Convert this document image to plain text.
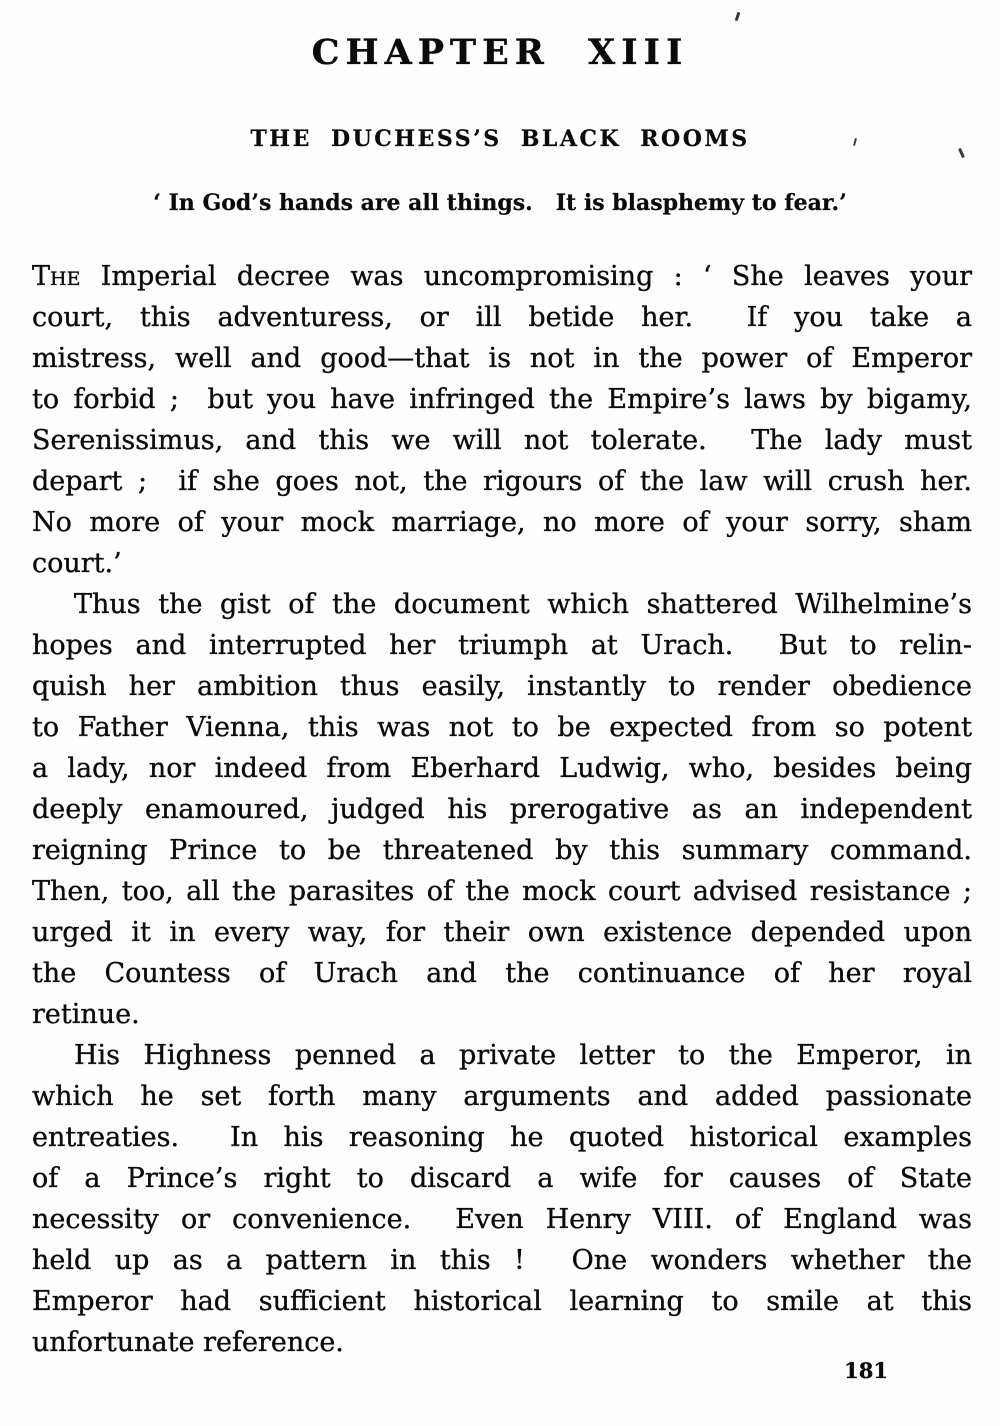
CHAPTER XIII
THE DUCHESS’S BLACK ROOMS
‘ In God’s hands are all things.   It is blasphemy to fear.’
The Imperial decree was uncompromising : ‘ She leaves your
court, this adventuress, or ill betide her.  If you take a
mistress, well and good—that is not in the power of Emperor
to forbid ;  but you have infringed the Empire’s laws by bigamy,
Serenissimus, and this we will not tolerate.  The lady must
depart ;  if she goes not, the rigours of the law will crush her.
No more of your mock marriage, no more of your sorry, sham
court.’
Thus the gist of the document which shattered Wilhelmine’s
hopes and interrupted her triumph at Urach.  But to relin-
quish her ambition thus easily, instantly to render obedience
to Father Vienna, this was not to be expected from so potent
a lady, nor indeed from Eberhard Ludwig, who, besides being
deeply enamoured, judged his prerogative as an independent
reigning Prince to be threatened by this summary command.
Then, too, all the parasites of the mock court advised resistance ;
urged it in every way, for their own existence depended upon
the Countess of Urach and the continuance of her royal
retinue.
His Highness penned a private letter to the Emperor, in
which he set forth many arguments and added passionate
entreaties.  In his reasoning he quoted historical examples
of a Prince’s right to discard a wife for causes of State
necessity or convenience.  Even Henry VIII. of England was
held up as a pattern in this !  One wonders whether the
Emperor had sufficient historical learning to smile at this
unfortunate reference.
181
